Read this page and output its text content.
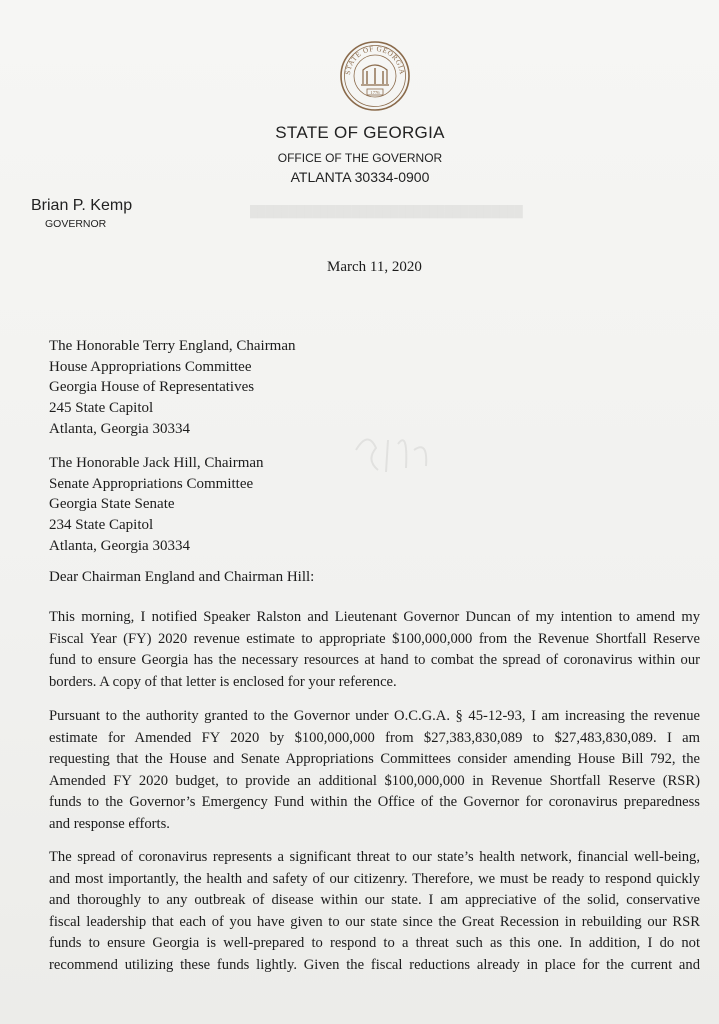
STATE OF GEORGIA
1776
STATE OF GEORGIA
OFFICE OF THE GOVERNOR
ATLANTA 30334-0900
Brian P. Kemp
GOVERNOR
███████████████████████████████████
March 11, 2020
The Honorable Terry England, Chairman
House Appropriations Committee
Georgia House of Representatives
245 State Capitol
Atlanta, Georgia 30334
The Honorable Jack Hill, Chairman
Senate Appropriations Committee
Georgia State Senate
234 State Capitol
Atlanta, Georgia 30334
Dear Chairman England and Chairman Hill:
This morning, I notified Speaker Ralston and Lieutenant Governor Duncan of my intention to amend my
Fiscal Year (FY) 2020 revenue estimate to appropriate $100,000,000 from the Revenue Shortfall Reserve
fund to ensure Georgia has the necessary resources at hand to combat the spread of coronavirus within our
borders. A copy of that letter is enclosed for your reference.
Pursuant to the authority granted to the Governor under O.C.G.A. § 45-12-93, I am increasing the revenue
estimate for Amended FY 2020 by $100,000,000 from $27,383,830,089 to $27,483,830,089. I am
requesting that the House and Senate Appropriations Committees consider amending House Bill 792, the
Amended FY 2020 budget, to provide an additional $100,000,000 in Revenue Shortfall Reserve (RSR)
funds to the Governor’s Emergency Fund within the Office of the Governor for coronavirus preparedness
and response efforts.
The spread of coronavirus represents a significant threat to our state’s health network, financial well-being,
and most importantly, the health and safety of our citizenry. Therefore, we must be ready to respond quickly
and thoroughly to any outbreak of disease within our state. I am appreciative of the solid, conservative
fiscal leadership that each of you have given to our state since the Great Recession in rebuilding our RSR
funds to ensure Georgia is well-prepared to respond to a threat such as this one. In addition, I do not
recommend utilizing these funds lightly. Given the fiscal reductions already in place for the current and
